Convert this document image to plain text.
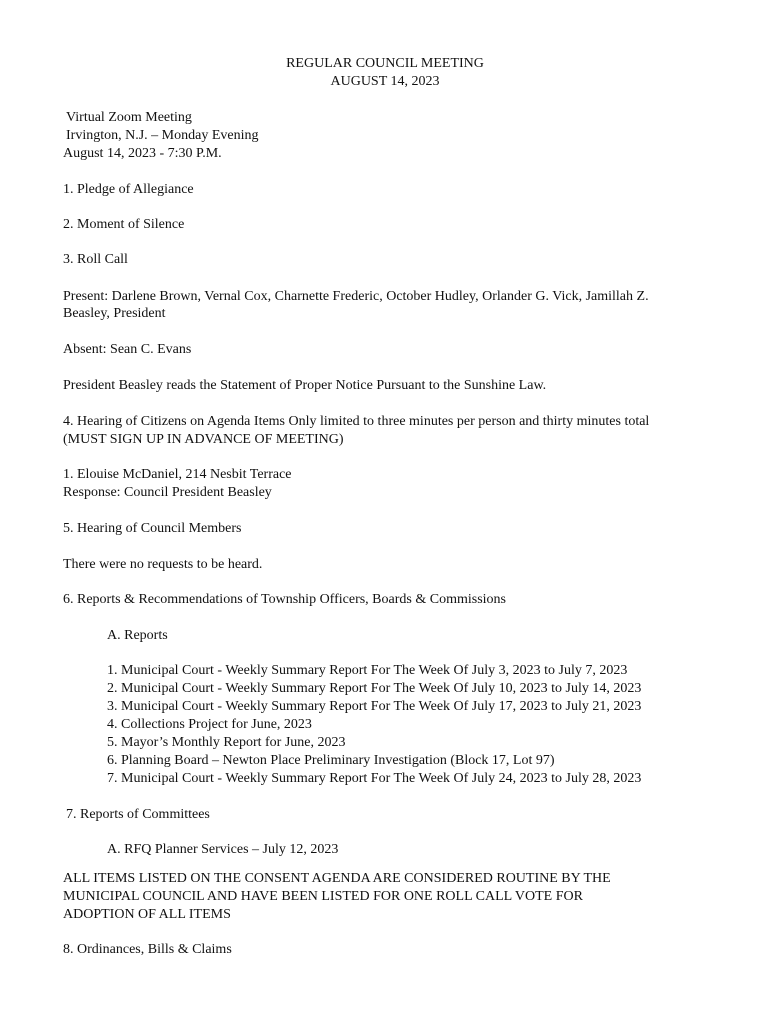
REGULAR COUNCIL MEETING
AUGUST 14, 2023
Virtual Zoom Meeting
Irvington, N.J. – Monday Evening
August 14, 2023 - 7:30 P.M.
1. Pledge of Allegiance
2. Moment of Silence
3. Roll Call
Present: Darlene Brown, Vernal Cox, Charnette Frederic, October Hudley, Orlander G. Vick, Jamillah Z.
Beasley, President
Absent: Sean C. Evans
President Beasley reads the Statement of Proper Notice Pursuant to the Sunshine Law.
4. Hearing of Citizens on Agenda Items Only limited to three minutes per person and thirty minutes total
(MUST SIGN UP IN ADVANCE OF MEETING)
1. Elouise McDaniel, 214 Nesbit Terrace
Response: Council President Beasley
5. Hearing of Council Members
There were no requests to be heard.
6. Reports & Recommendations of Township Officers, Boards & Commissions
A. Reports
1. Municipal Court - Weekly Summary Report For The Week Of July 3, 2023 to July 7, 2023
2. Municipal Court - Weekly Summary Report For The Week Of July 10, 2023 to July 14, 2023
3. Municipal Court - Weekly Summary Report For The Week Of July 17, 2023 to July 21, 2023
4. Collections Project for June, 2023
5. Mayor’s Monthly Report for June, 2023
6. Planning Board – Newton Place Preliminary Investigation (Block 17, Lot 97)
7. Municipal Court - Weekly Summary Report For The Week Of July 24, 2023 to July 28, 2023
7. Reports of Committees
A. RFQ Planner Services – July 12, 2023
ALL ITEMS LISTED ON THE CONSENT AGENDA ARE CONSIDERED ROUTINE BY THE
MUNICIPAL COUNCIL AND HAVE BEEN LISTED FOR ONE ROLL CALL VOTE FOR
ADOPTION OF ALL ITEMS
8. Ordinances, Bills & Claims
